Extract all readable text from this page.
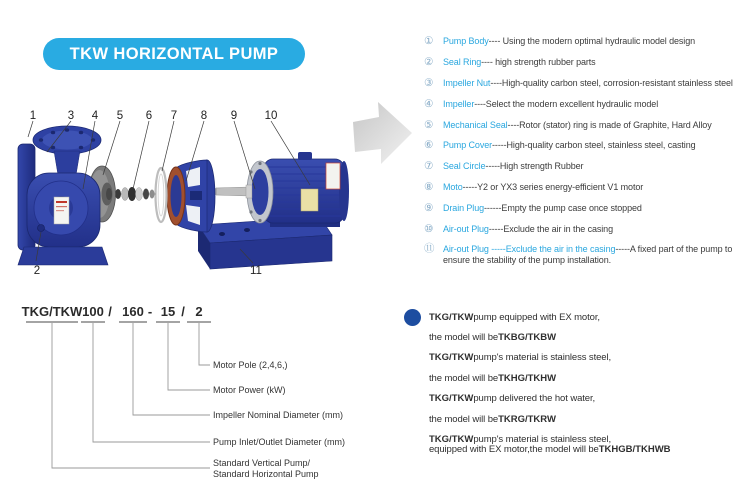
TKW HORIZONTAL PUMP
1
2
3 4 5 6 7 8 9 10
11
① Pump Body ---- Using the modern optimal hydraulic model design
② Seal Ring ---- high strength rubber parts
③ Impeller Nut ----High-quality carbon steel, corrosion-resistant stainless steel
④ Impeller ----Select the modern excellent hydraulic model
⑤ Mechanical Seal ----Rotor (stator) ring is made of Graphite, Hard Alloy
⑥ Pump Cover -----High-quality carbon steel, stainless steel, casting
⑦ Seal Circle -----High strength Rubber
⑧ Moto -----Y2 or YX3 series energy-efficient V1 motor
⑨ Drain Plug ------Empty the pump case once stopped
⑩ Air-out Plug -----Exclude the air in the casing
⑪ Air-out Plug -----Exclude the air in the casing-----A fixed part of the pump to
ensure the stability of the pump installation.
TKG/TKW 100 / 160 - 15 / 2
Motor Pole (2,4,6,)
Motor Power (kW)
Impeller Nominal Diameter (mm)
Pump Inlet/Outlet Diameter (mm)
Standard Vertical Pump/
Standard Horizontal Pump
TKG/TKW pump equipped with EX motor,
the model will be TKBG/TKBW
TKG/TKW pump's material is stainless steel,
the model will be TKHG/TKHW
TKG/TKW pump delivered the hot water,
the model will be TKRG/TKRW
TKG/TKW pump's material is stainless steel,
equipped with EX motor,the model will be TKHGB/TKHWB
